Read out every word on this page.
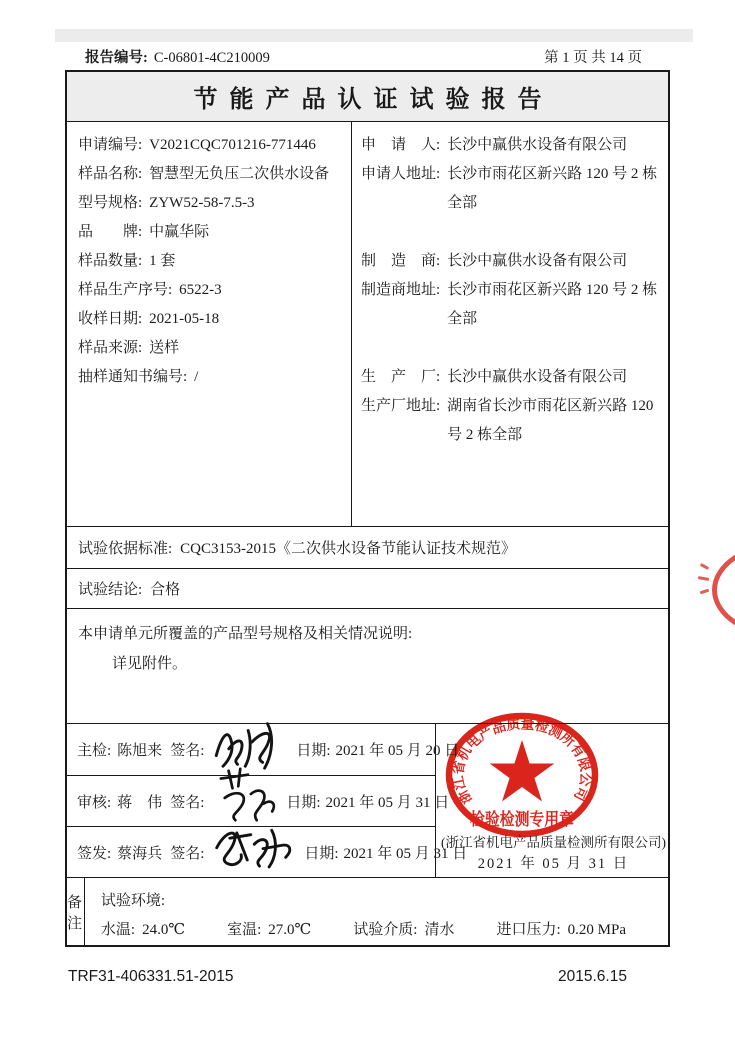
报告编号: C-06801-4C210009	第 1 页 共 14 页
节能产品认证试验报告
申请编号: V2021CQC701216-771446
样品名称: 智慧型无负压二次供水设备
型号规格: ZYW52-58-7.5-3
品　　牌: 中赢华际
样品数量: 1 套
样品生产序号: 6522-3
收样日期: 2021-05-18
样品来源: 送样
抽样通知书编号: /
申　请　人: 长沙中赢供水设备有限公司
申请人地址: 长沙市雨花区新兴路 120 号 2 栋全部
制　造　商: 长沙中赢供水设备有限公司
制造商地址: 长沙市雨花区新兴路 120 号 2 栋全部
生　产　厂: 长沙中赢供水设备有限公司
生产厂地址: 湖南省长沙市雨花区新兴路 120 号 2 栋全部
试验依据标准: CQC3153-2015《二次供水设备节能认证技术规范》
试验结论: 合格
本申请单元所覆盖的产品型号规格及相关情况说明:
详见附件。
主检: 陈旭来 签名:	日期: 2021 年 05 月 20 日
审核: 蒋　伟 签名:	日期: 2021 年 05 月 31 日
签发: 蔡海兵 签名:	日期: 2021 年 05 月 31 日
备注
试验环境:
水温: 24.0℃	室温: 27.0℃	试验介质: 清水	进口压力: 0.20 MPa
浙江省机电产品质量检测所有限公司
检验检测专用章
(浙江省机电产品质量检测所有限公司)
2021 年 05 月 31 日
TRF31-406331.51-2015	2015.6.15
